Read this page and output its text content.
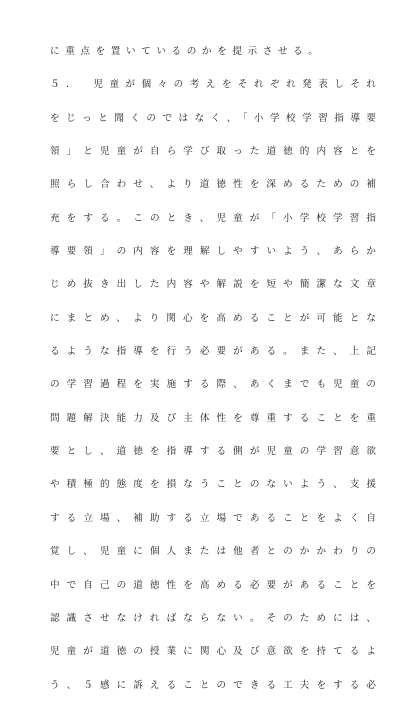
に重点を置いているのかを提示させる。
５．　児童が個々の考えをそれぞれ発表しそれ
をじっと聞くのではなく、「小学校学習指導要
領」と児童が自ら学び取った道徳的内容とを
照らし合わせ、より道徳性を深めるための補
充をする。このとき、児童が「小学校学習指
導要領」の内容を理解しやすいよう、あらか
じめ抜き出した内容や解説を短や簡潔な文章
にまとめ、より関心を高めることが可能とな
るような指導を行う必要がある。また、上記
の学習過程を実施する際、あくまでも児童の
問題解決能力及び主体性を尊重することを重
要とし、道徳を指導する側が児童の学習意欲
や積極的態度を損なうことのないよう、支援
する立場、補助する立場であることをよく自
覚し、児童に個人または他者とのかかわりの
中で自己の道徳性を高める必要があることを
認識させなければならない。そのためには、
児童が道徳の授業に関心及び意欲を持てるよ
う、５感に訴えることのできる工夫をする必
